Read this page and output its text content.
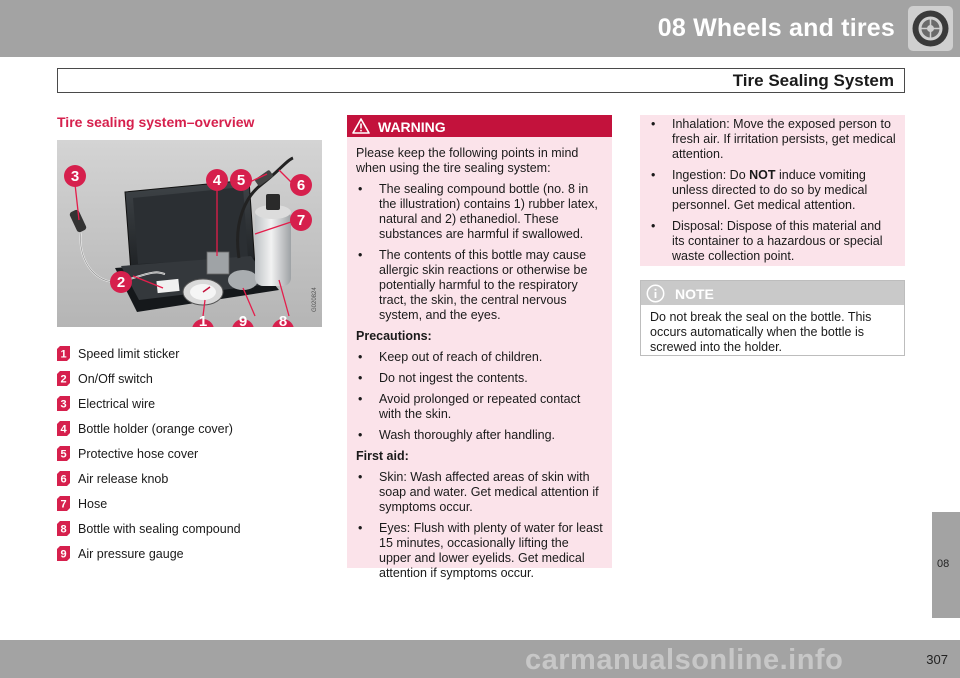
08 Wheels and tires
Tire Sealing System
Tire sealing system–overview
3	4 5	6
7
2
1 9 8
G020824
1 Speed limit sticker
2 On/Off switch
3 Electrical wire
4 Bottle holder (orange cover)
5 Protective hose cover
6 Air release knob
7 Hose
8 Bottle with sealing compound
9 Air pressure gauge
WARNING

Please keep the following points in mind when using the tire sealing system:

• The sealing compound bottle (no. 8 in the illustration) contains 1) rubber latex, natural and 2) ethanediol. These substances are harmful if swallowed.
• The contents of this bottle may cause allergic skin reactions or otherwise be potentially harmful to the respiratory tract, the skin, the central nervous system, and the eyes.
Precautions:
• Keep out of reach of children.
• Do not ingest the contents.
• Avoid prolonged or repeated contact with the skin.
• Wash thoroughly after handling.
First aid:
• Skin: Wash affected areas of skin with soap and water. Get medical attention if symptoms occur.
• Eyes: Flush with plenty of water for least 15 minutes, occasionally lifting the upper and lower eyelids. Get medical attention if symptoms occur.
• Inhalation: Move the exposed person to fresh air. If irritation persists, get medical attention.
• Ingestion: Do NOT induce vomiting unless directed to do so by medical personnel. Get medical attention.
• Disposal: Dispose of this material and its container to a hazardous or special waste collection point.
NOTE
Do not break the seal on the bottle. This occurs automatically when the bottle is screwed into the holder.
08
307
carmanualsonline.info
